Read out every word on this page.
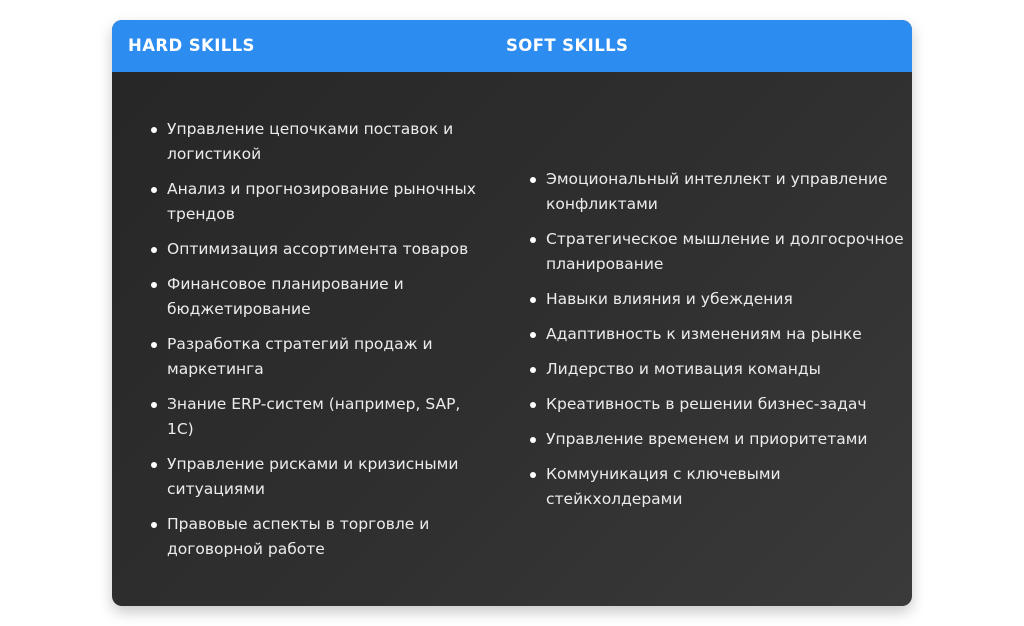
HARD SKILLS	SOFT SKILLS
Управление цепочками поставок и логистикой
Анализ и прогнозирование рыночных трендов
Оптимизация ассортимента товаров
Финансовое планирование и бюджетирование
Разработка стратегий продаж и маркетинга
Знание ERP-систем (например, SAP, 1C)
Управление рисками и кризисными ситуациями
Правовые аспекты в торговле и договорной работе
Эмоциональный интеллект и управление конфликтами
Стратегическое мышление и долгосрочное планирование
Навыки влияния и убеждения
Адаптивность к изменениям на рынке
Лидерство и мотивация команды
Креативность в решении бизнес-задач
Управление временем и приоритетами
Коммуникация с ключевыми стейкхолдерами
